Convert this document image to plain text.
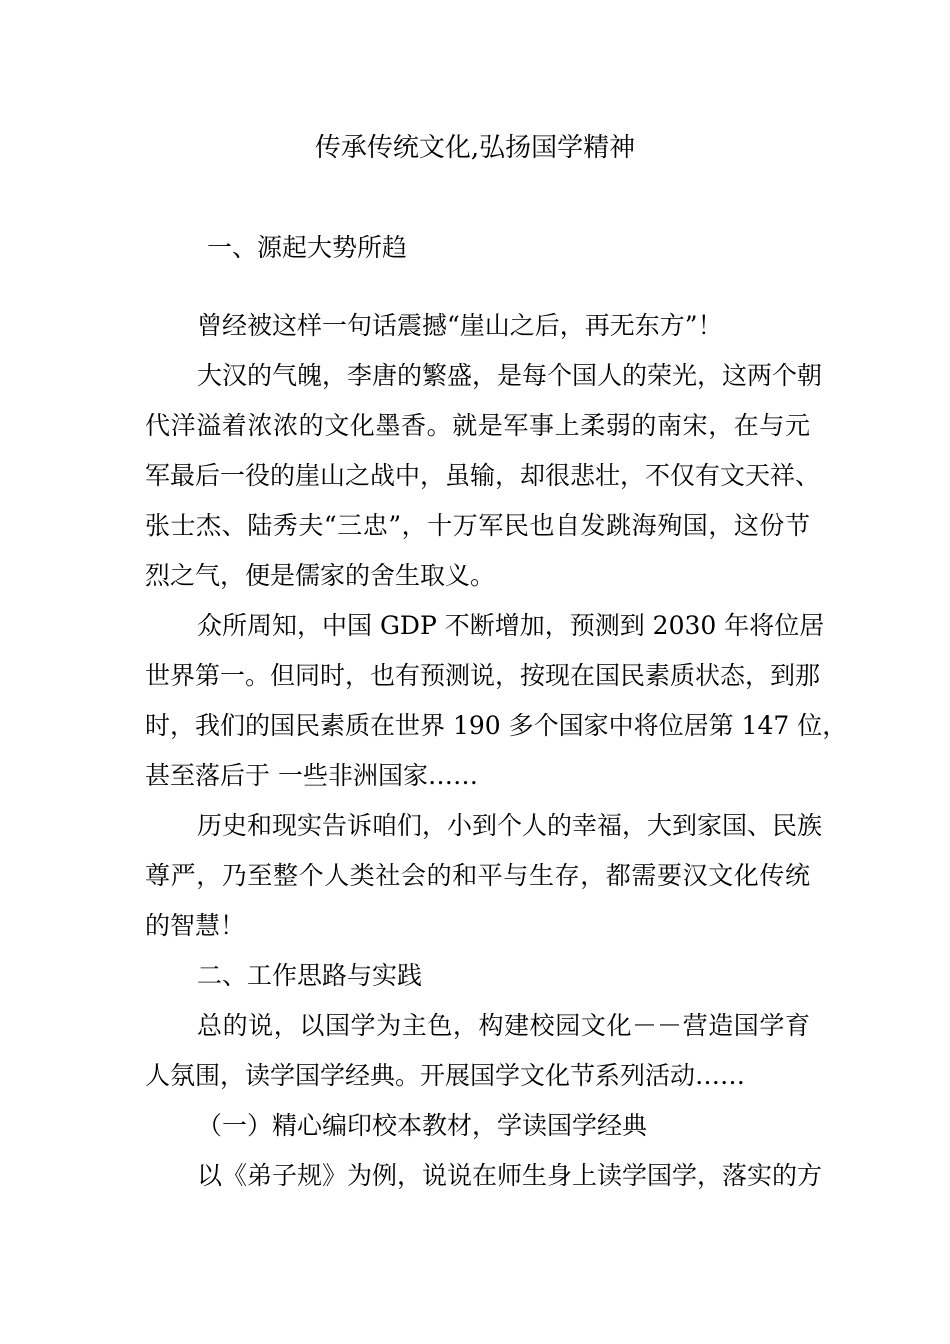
传承传统文化,弘扬国学精神
一、源起大势所趋
曾经被这样一句话震撼“崖山之后，再无东方”！
大汉的气魄，李唐的繁盛，是每个国人的荣光，这两个朝
代洋溢着浓浓的文化墨香。就是军事上柔弱的南宋，在与元
军最后一役的崖山之战中，虽输，却很悲壮，不仅有文天祥、
张士杰、陆秀夫“三忠”，十万军民也自发跳海殉国，这份节
烈之气，便是儒家的舍生取义。
众所周知，中国 GDP 不断增加，预测到 2030 年将位居
世界第一。但同时，也有预测说，按现在国民素质状态，到那
时，我们的国民素质在世界 190 多个国家中将位居第 147 位，
甚至落后于 一些非洲国家……
历史和现实告诉咱们，小到个人的幸福，大到家国、民族
尊严，乃至整个人类社会的和平与生存，都需要汉文化传统
的智慧！
二、工作思路与实践
总的说，以国学为主色，构建校园文化－－营造国学育
人氛围，读学国学经典。开展国学文化节系列活动……
（一）精心编印校本教材，学读国学经典
以《弟子规》为例，说说在师生身上读学国学，落实的方
